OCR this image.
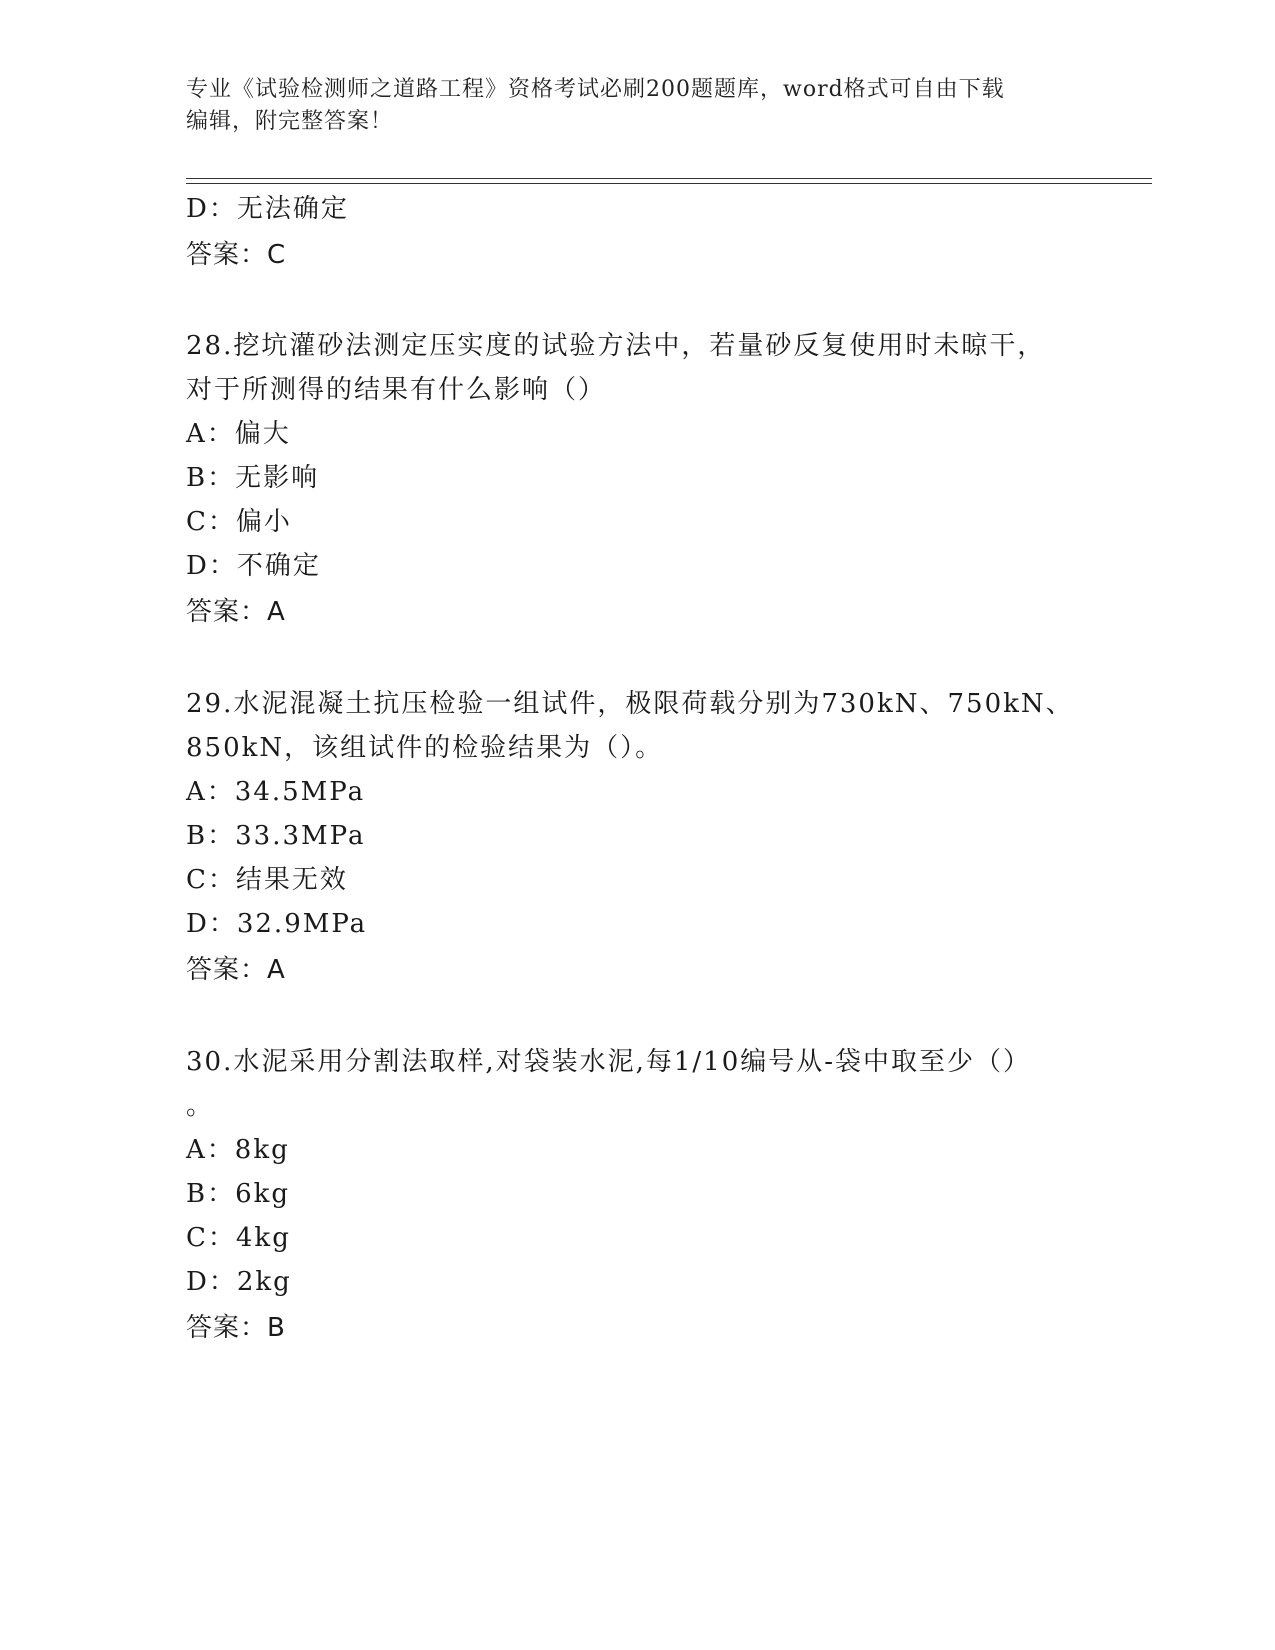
专业《试验检测师之道路工程》资格考试必刷200题题库，word格式可自由下载
编辑，附完整答案！
D：无法确定
答案：C
28.挖坑灌砂法测定压实度的试验方法中，若量砂反复使用时未晾干，
对于所测得的结果有什么影响（）
A：偏大
B：无影响
C：偏小
D：不确定
答案：A
29.水泥混凝土抗压检验一组试件，极限荷载分别为730kN、750kN、
850kN，该组试件的检验结果为（）。
A：34.5MPa
B：33.3MPa
C：结果无效
D：32.9MPa
答案：A
30.水泥采用分割法取样,对袋装水泥,每1/10编号从-袋中取至少（）
。
A：8kg
B：6kg
C：4kg
D：2kg
答案：B
